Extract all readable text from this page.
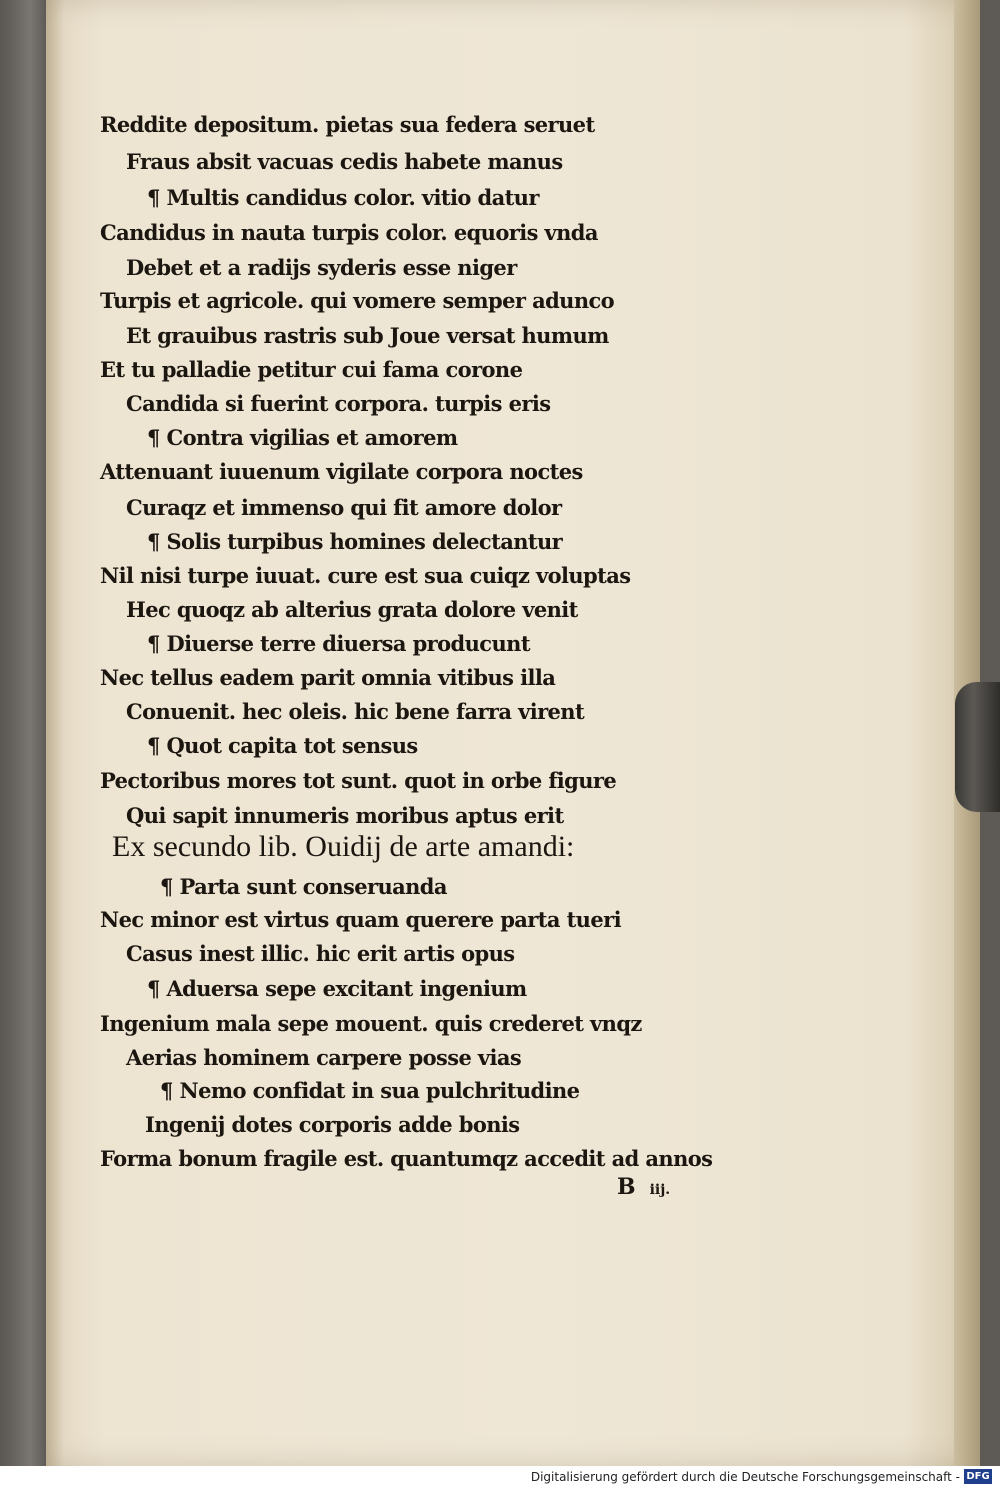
Reddite depositum. pietas sua federa seruet
Fraus absit vacuas cedis habete manus
¶ Multis candidus color. vitio datur
Candidus in nauta turpis color. equoris vnda
Debet et a radijs syderis esse niger
Turpis et agricole. qui vomere semper adunco
Et grauibus rastris sub Joue versat humum
Et tu palladie petitur cui fama corone
Candida si fuerint corpora. turpis eris
¶ Contra vigilias et amorem
Attenuant iuuenum vigilate corpora noctes
Curaqz et immenso qui fit amore dolor
¶ Solis turpibus homines delectantur
Nil nisi turpe iuuat. cure est sua cuiqz voluptas
Hec quoqz ab alterius grata dolore venit
¶ Diuerse terre diuersa producunt
Nec tellus eadem parit omnia vitibus illa
Conuenit. hec oleis. hic bene farra virent
¶ Quot capita tot sensus
Pectoribus mores tot sunt. quot in orbe figure
Qui sapit innumeris moribus aptus erit
Ex secundo lib. Ouidij de arte amandi:
¶ Parta sunt conseruanda
Nec minor est virtus quam querere parta tueri
Casus inest illic. hic erit artis opus
¶ Aduersa sepe excitant ingenium
Ingenium mala sepe mouent. quis crederet vnqz
Aerias hominem carpere posse vias
¶ Nemo confidat in sua pulchritudine
Ingenij dotes corporis adde bonis
Forma bonum fragile est. quantumqz accedit ad annos
B iij.
Digitalisierung gefördert durch die Deutsche Forschungsgemeinschaft - DFG
